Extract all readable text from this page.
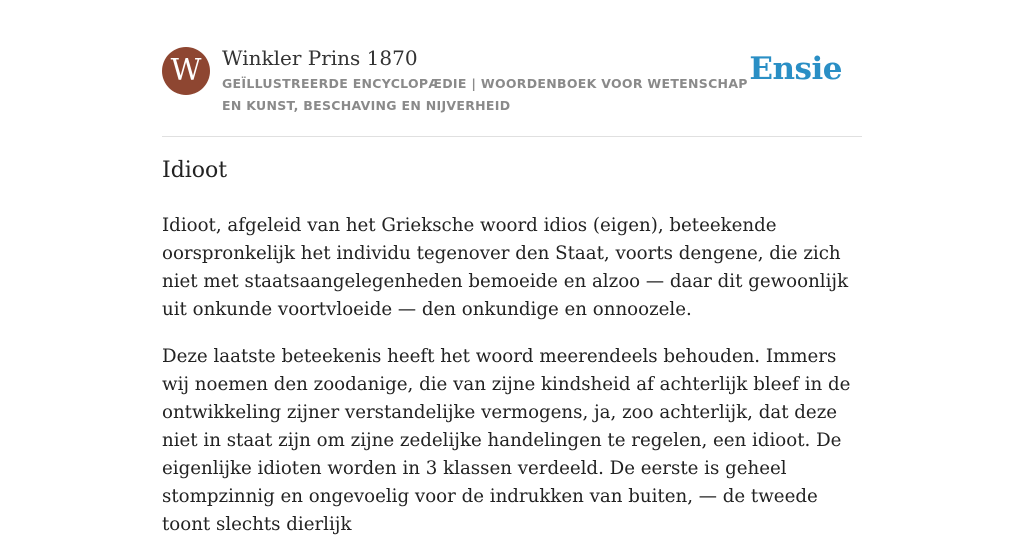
W	Winkler Prins 1870
GEÏLLUSTREERDE ENCYCLOPÆDIE | WOORDENBOEK VOOR WETENSCHAP EN KUNST, BESCHAVING EN NIJVERHEID
Ensie
Idioot

Idioot, afgeleid van het Grieksche woord idios (eigen), beteekende oorspronkelijk het individu tegenover den Staat, voorts dengene, die zich niet met staatsaangelegenheden bemoeide en alzoo — daar dit gewoonlijk uit onkunde voortvloeide — den onkundige en onnoozele.

Deze laatste beteekenis heeft het woord meerendeels behouden. Immers wij noemen den zoodanige, die van zijne kindsheid af achterlijk bleef in de ontwikkeling zijner verstandelijke vermogens, ja, zoo achterlijk, dat deze niet in staat zijn om zijne zedelijke handelingen te regelen, een idioot. De eigenlijke idioten worden in 3 klassen verdeeld. De eerste is geheel stompzinnig en ongevoelig voor de indrukken van buiten, — de tweede toont slechts dierlijk
